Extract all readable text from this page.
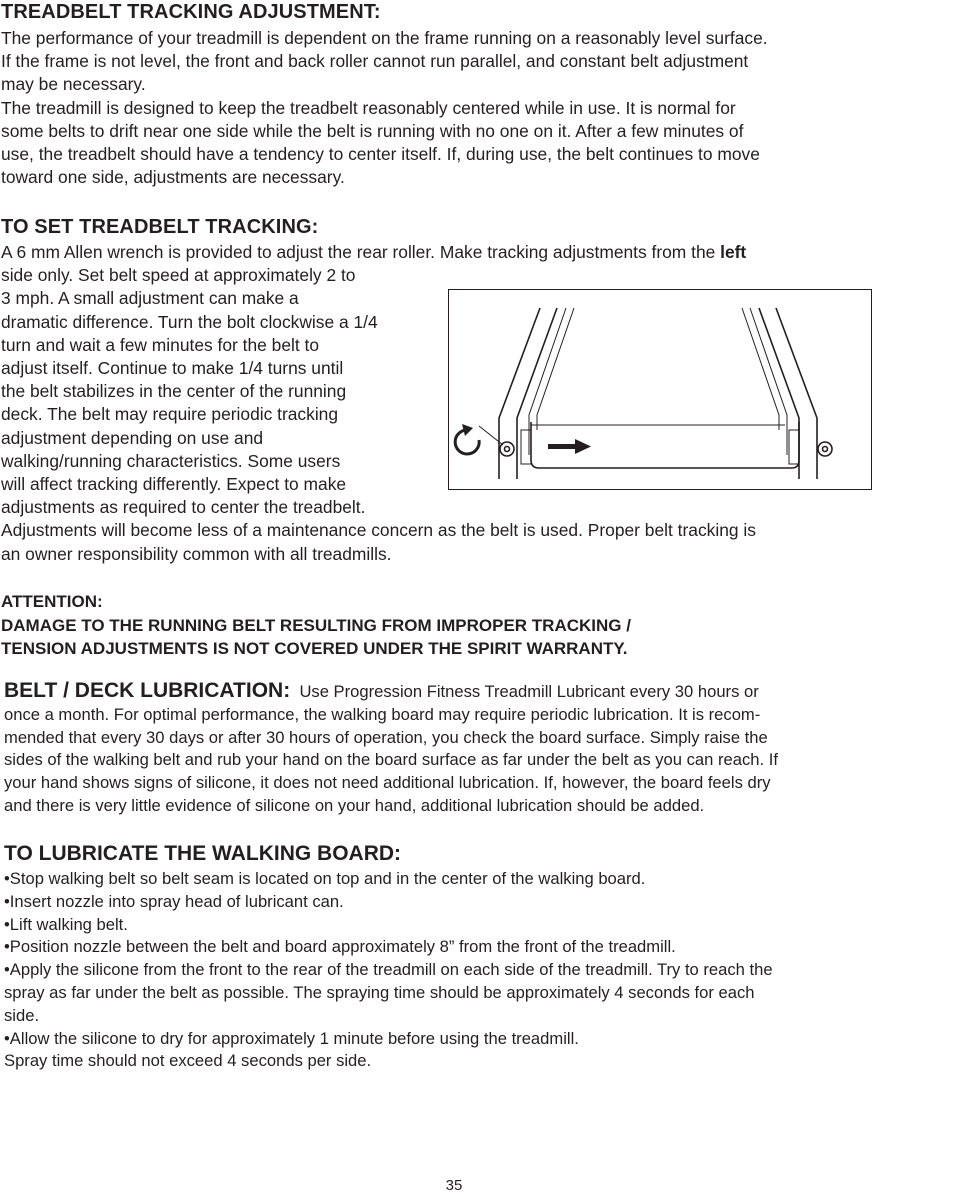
TREADBELT TRACKING ADJUSTMENT:
The performance of your treadmill is dependent on the frame running on a reasonably level surface.
If the frame is not level, the front and back roller cannot run parallel, and constant belt adjustment
may be necessary.
The treadmill is designed to keep the treadbelt reasonably centered while in use. It is normal for
some belts to drift near one side while the belt is running with no one on it. After a few minutes of
use, the treadbelt should have a tendency to center itself. If, during use, the belt continues to move
toward one side, adjustments are necessary.
TO SET TREADBELT TRACKING:
A 6 mm Allen wrench is provided to adjust the rear roller. Make tracking adjustments from the left
side only. Set belt speed at approximately 2 to
3 mph. A small adjustment can make a
dramatic difference. Turn the bolt clockwise a 1/4
turn and wait a few minutes for the belt to
adjust itself. Continue to make 1/4 turns until
the belt stabilizes in the center of the running
deck. The belt may require periodic tracking
adjustment depending on use and
walking/running characteristics. Some users
will affect tracking differently. Expect to make
adjustments as required to center the treadbelt.
Adjustments will become less of a maintenance concern as the belt is used. Proper belt tracking is
an owner responsibility common with all treadmills.
ATTENTION:
DAMAGE TO THE RUNNING BELT RESULTING FROM IMPROPER TRACKING /
TENSION ADJUSTMENTS IS NOT COVERED UNDER THE SPIRIT WARRANTY.
BELT / DECK LUBRICATION: Use Progression Fitness Treadmill Lubricant every 30 hours or
once a month. For optimal performance, the walking board may require periodic lubrication. It is recom-
mended that every 30 days or after 30 hours of operation, you check the board surface. Simply raise the
sides of the walking belt and rub your hand on the board surface as far under the belt as you can reach. If
your hand shows signs of silicone, it does not need additional lubrication. If, however, the board feels dry
and there is very little evidence of silicone on your hand, additional lubrication should be added.
TO LUBRICATE THE WALKING BOARD:
•Stop walking belt so belt seam is located on top and in the center of the walking board.
•Insert nozzle into spray head of lubricant can.
•Lift walking belt.
•Position nozzle between the belt and board approximately 8” from the front of the treadmill.
•Apply the silicone from the front to the rear of the treadmill on each side of the treadmill. Try to reach the
spray as far under the belt as possible. The spraying time should be approximately 4 seconds for each
side.
•Allow the silicone to dry for approximately 1 minute before using the treadmill.
Spray time should not exceed 4 seconds per side.
35
